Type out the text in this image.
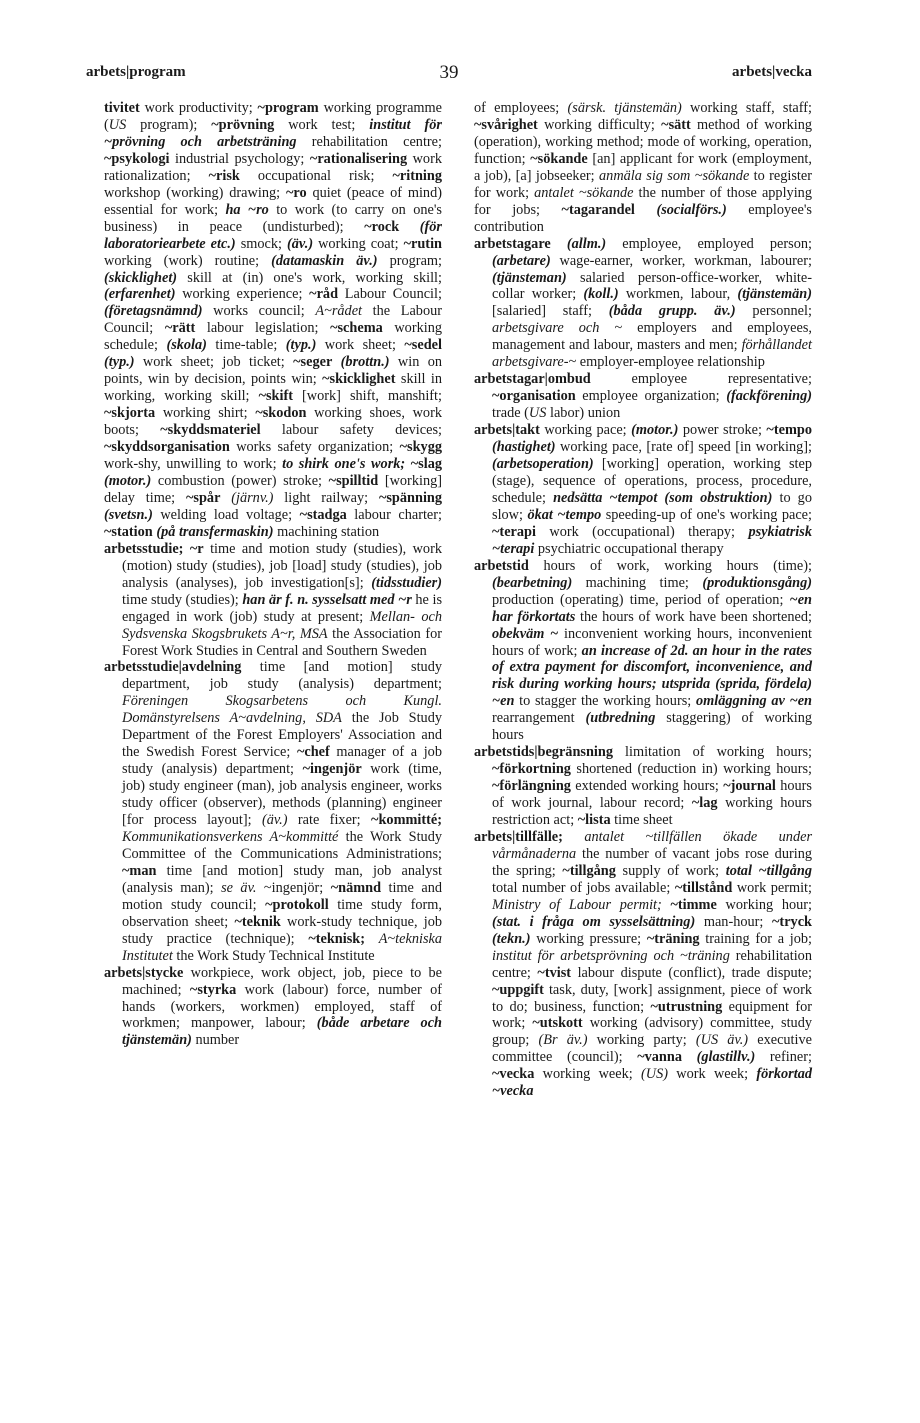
arbets|program	39	arbets|vecka

tivitet work productivity; ~program working programme (US program); ~prövning work test; institut för ~prövning och arbetsträning rehabilitation centre; ~psykologi industrial psychology; ~rationalisering work rationalization; ~risk occupational risk; ~ritning workshop (working) drawing; ~ro quiet (peace of mind) essential for work; ha ~ro to work (to carry on one's business) in peace (undisturbed); ~rock (för laboratoriearbete etc.) smock; (äv.) working coat; ~rutin working (work) routine; (datamaskin äv.) program; (skicklighet) skill at (in) one's work, working skill; (erfarenhet) working experience; ~råd Labour Council; (företagsnämnd) works council; A~rådet the Labour Council; ~rätt labour legislation; ~schema working schedule; (skola) time-table; (typ.) work sheet; ~sedel (typ.) work sheet; job ticket; ~seger (brottn.) win on points, win by decision, points win; ~skicklighet skill in working, working skill; ~skift [work] shift, manshift; ~skjorta working shirt; ~skodon working shoes, work boots; ~skyddsmateriel labour safety devices; ~skyddsorganisation works safety organization; ~skygg work-shy, unwilling to work; to shirk one's work; ~slag (motor.) combustion (power) stroke; ~spilltid [working] delay time; ~spår (järnv.) light railway; ~spänning (svetsn.) welding load voltage; ~stadga labour charter; ~station (på transfermaskin) machining station

arbetsstudie; ~r time and motion study (studies), work (motion) study (studies), job [load] study (studies), job analysis (analyses), job investigation[s]; (tidsstudier) time study (studies); han är f. n. sysselsatt med ~r he is engaged in work (job) study at present; Mellan- och Sydsvenska Skogsbrukets A~r, MSA the Association for Forest Work Studies in Central and Southern Sweden

arbetsstudie|avdelning time [and motion] study department, job study (analysis) department; Föreningen Skogsarbetens och Kungl. Domänstyrelsens A~avdelning, SDA the Job Study Department of the Forest Employers' Association and the Swedish Forest Service; ~chef manager of a job study (analysis) department; ~ingenjör work (time, job) study engineer (man), job analysis engineer, works study officer (observer), methods (planning) engineer [for process layout]; (äv.) rate fixer; ~kommitté; Kommunikationsverkens A~kommitté the Work Study Committee of the Communications Administrations; ~man time [and motion] study man, job analyst (analysis man); se äv. ~ingenjör; ~nämnd time and motion study council; ~protokoll time study form, observation sheet; ~teknik work-study technique, job study practice (technique); ~teknisk; A~tekniska Institutet the Work Study Technical Institute

arbets|stycke workpiece, work object, job, piece to be machined; ~styrka work (labour) force, number of hands (workers, workmen) employed, staff of workmen; manpower, labour; (både arbetare och tjänstemän) number

of employees; (särsk. tjänstemän) working staff, staff; ~svårighet working difficulty; ~sätt method of working (operation), working method; mode of working, operation, function; ~sökande [an] applicant for work (employment, a job), [a] jobseeker; anmäla sig som ~sökande to register for work; antalet ~sökande the number of those applying for jobs; ~tagarandel (socialförs.) employee's contribution

arbetstagare (allm.) employee, employed person; (arbetare) wage-earner, worker, workman, labourer; (tjänsteman) salaried person-office-worker, white-collar worker; (koll.) workmen, labour, (tjänstemän) [salaried] staff; (båda grupp. äv.) personnel; arbetsgivare och ~ employers and employees, management and labour, masters and men; förhållandet arbetsgivare-~ employer-employee relationship

arbetstagar|ombud employee representative; ~organisation employee organization; (fackförening) trade (US labor) union

arbets|takt working pace; (motor.) power stroke; ~tempo (hastighet) working pace, [rate of] speed [in working]; (arbetsoperation) [working] operation, working step (stage), sequence of operations, process, procedure, schedule; nedsätta ~tempot (som obstruktion) to go slow; ökat ~tempo speeding-up of one's working pace; ~terapi work (occupational) therapy; psykiatrisk ~terapi psychiatric occupational therapy

arbetstid hours of work, working hours (time); (bearbetning) machining time; (produktionsgång) production (operating) time, period of operation; ~en har förkortats the hours of work have been shortened; obekväm ~ inconvenient working hours, inconvenient hours of work; an increase of 2d. an hour in the rates of extra payment for discomfort, inconvenience, and risk during working hours; utsprida (sprida, fördela) ~en to stagger the working hours; omläggning av ~en rearrangement (utbredning staggering) of working hours

arbetstids|begränsning limitation of working hours; ~förkortning shortened (reduction in) working hours; ~förlängning extended working hours; ~journal hours of work journal, labour record; ~lag working hours restriction act; ~lista time sheet

arbets|tillfälle; antalet ~tillfällen ökade under vårmånaderna the number of vacant jobs rose during the spring; ~tillgång supply of work; total ~tillgång total number of jobs available; ~tillstånd work permit; Ministry of Labour permit; ~timme working hour; (stat. i fråga om sysselsättning) man-hour; ~tryck (tekn.) working pressure; ~träning training for a job; institut för arbetsprövning och ~träning rehabilitation centre; ~tvist labour dispute (conflict), trade dispute; ~uppgift task, duty, [work] assignment, piece of work to do; business, function; ~utrustning equipment for work; ~utskott working (advisory) committee, study group; (Br äv.) working party; (US äv.) executive committee (council); ~vanna (glastillv.) refiner; ~vecka working week; (US) work week; förkortad ~vecka
